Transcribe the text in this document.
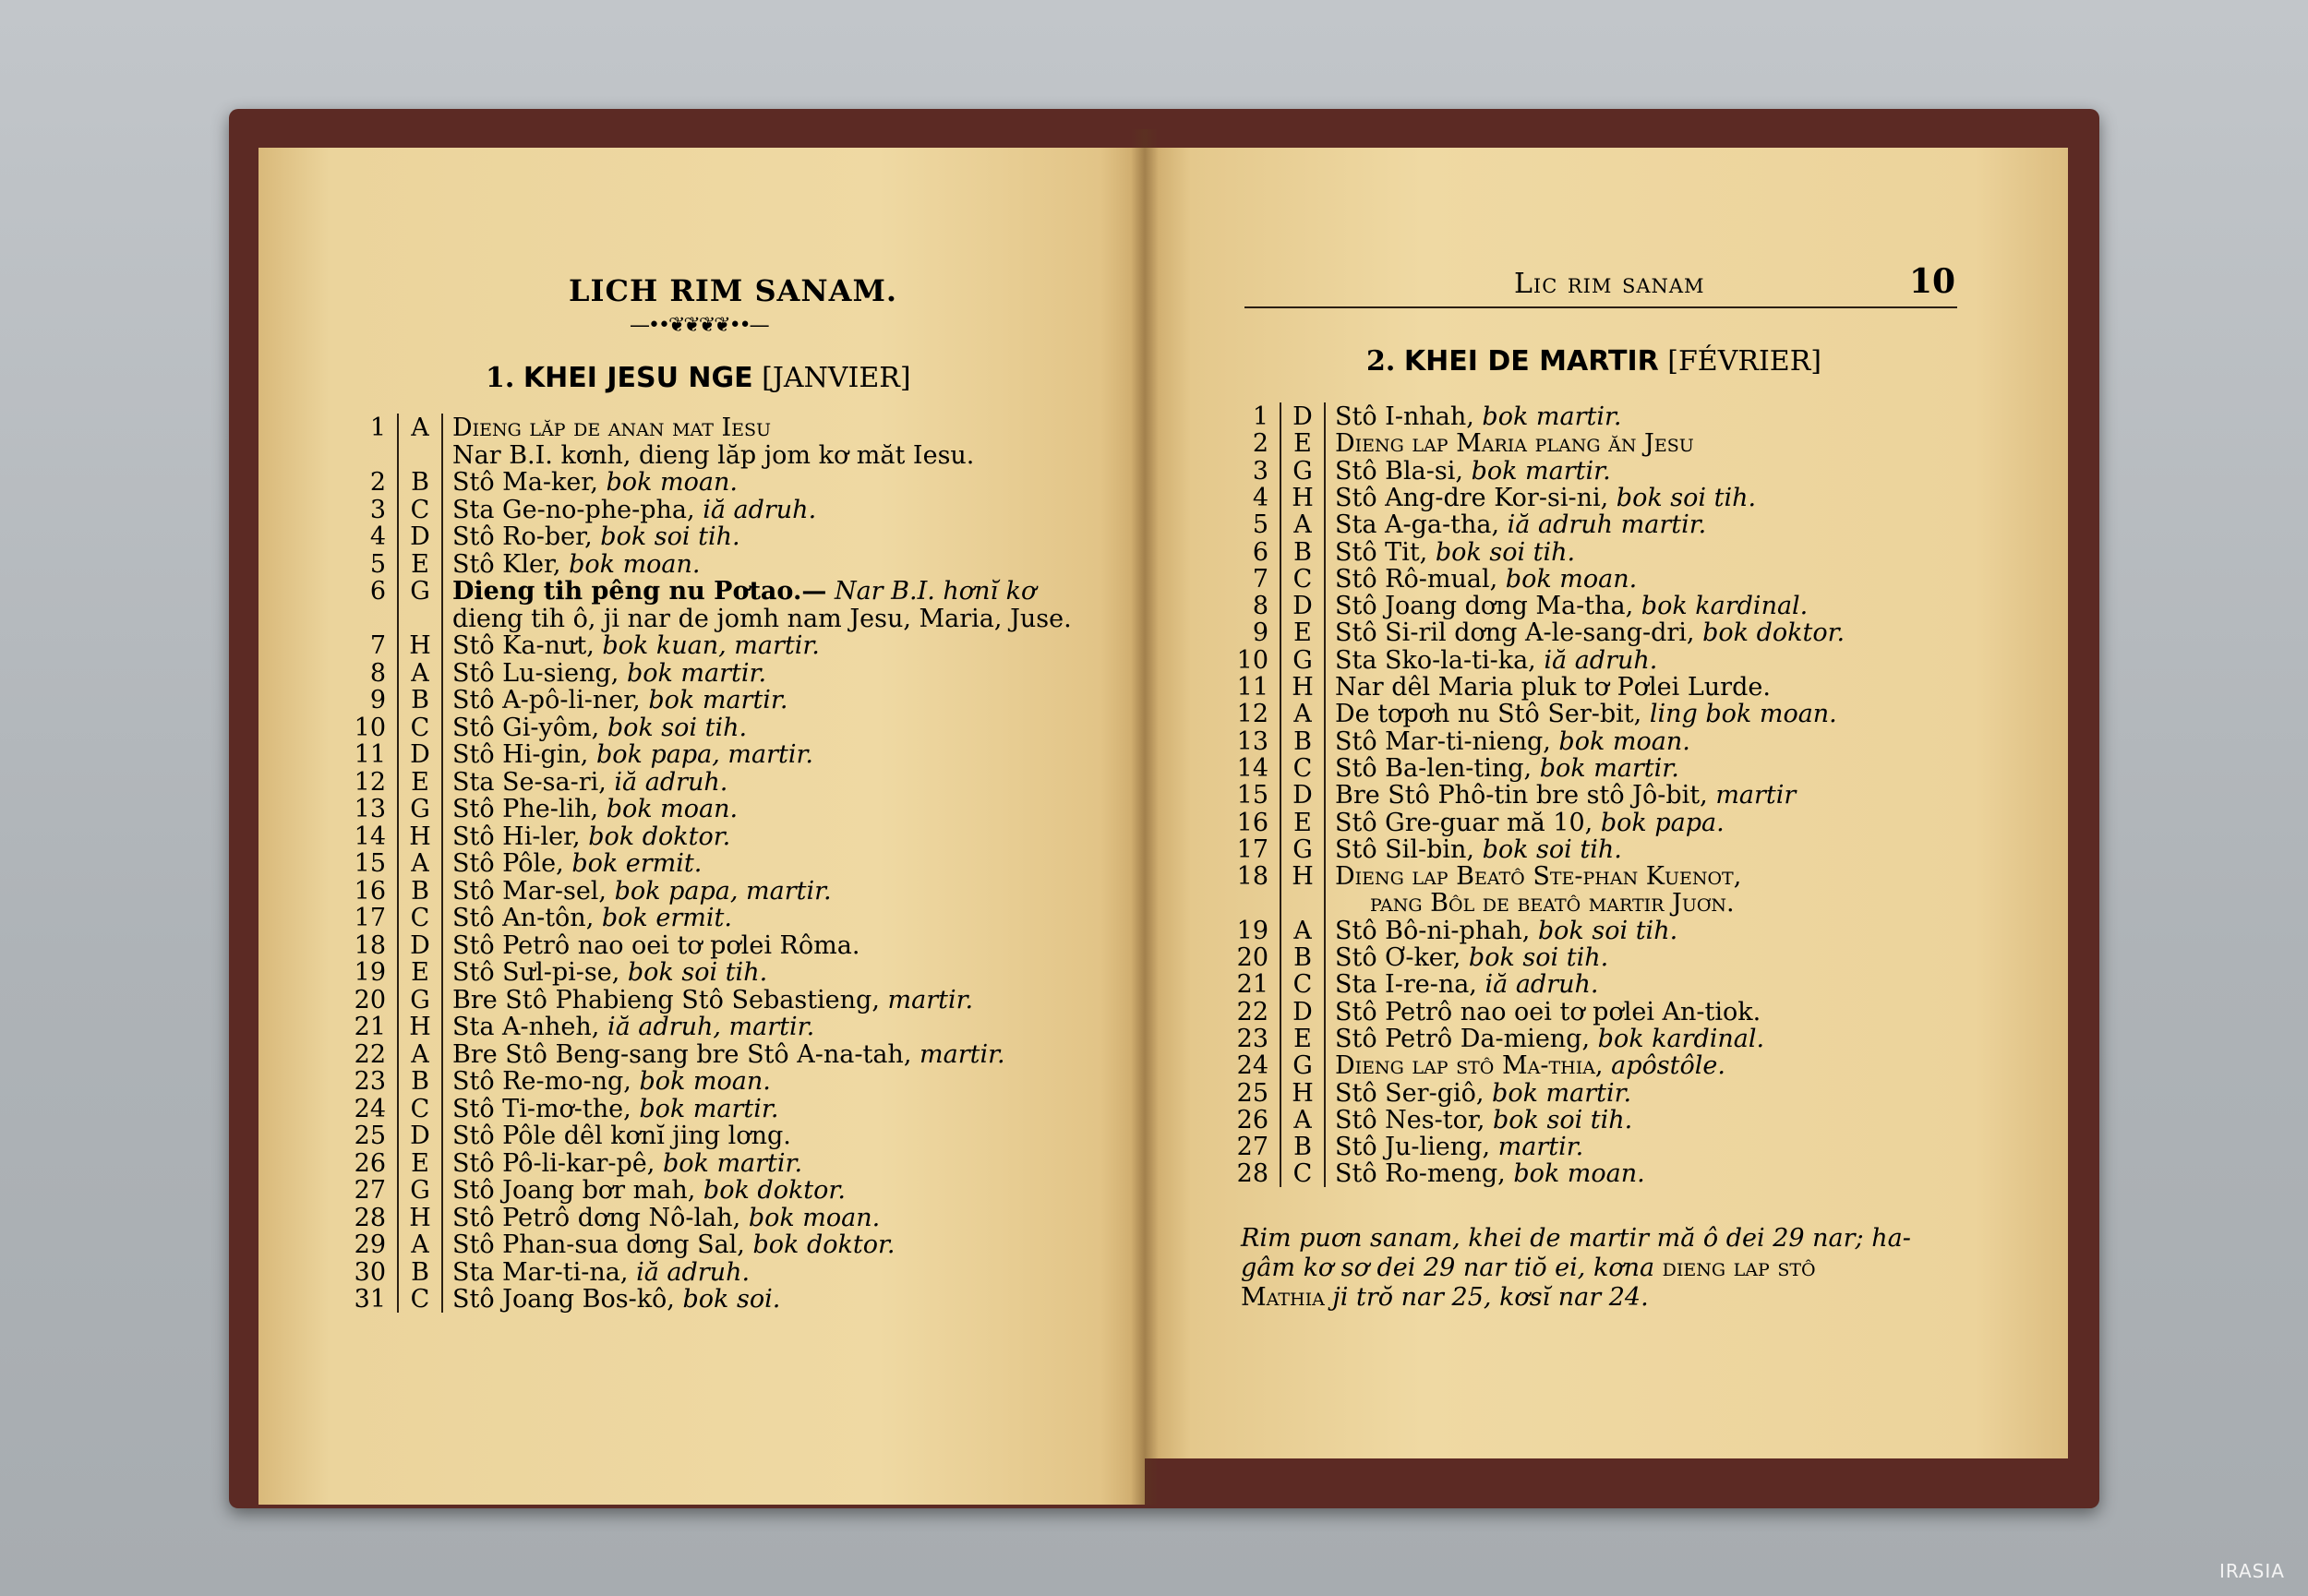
LICH RIM SANAM.
—••❦❦❦❦••—
1. KHEI JESU NGE [JANVIER]
1 A Dieng lăp de anan mat Iesu
Nar B.I. kơnh, dieng lăp jom kơ măt Iesu.
2 B Stô Ma-ker, bok moan.
3 C Sta Ge-no-phe-pha, iă adruh.
4 D Stô Ro-ber, bok soi tih.
5 E Stô Kler, bok moan.
6 G Dieng tih pêng nu Pơtao.— Nar B.I. hơnĭ kơ
dieng tih ô, ji nar de jomh nam Jesu, Maria, Juse.
7 H Stô Ka-nưt, bok kuan, martir.
8 A Stô Lu-sieng, bok martir.
9 B Stô A-pô-li-ner, bok martir.
10 C Stô Gi-yôm, bok soi tih.
11 D Stô Hi-gin, bok papa, martir.
12 E Sta Se-sa-ri, iă adruh.
13 G Stô Phe-lih, bok moan.
14 H Stô Hi-ler, bok doktor.
15 A Stô Pôle, bok ermit.
16 B Stô Mar-sel, bok papa, martir.
17 C Stô An-tôn, bok ermit.
18 D Stô Petrô nao oei tơ pơlei Rôma.
19 E Stô Sưl-pi-se, bok soi tih.
20 G Bre Stô Phabieng Stô Sebastieng, martir.
21 H Sta A-nheh, iă adruh, martir.
22 A Bre Stô Beng-sang bre Stô A-na-tah, martir.
23 B Stô Re-mo-ng, bok moan.
24 C Stô Ti-mơ-the, bok martir.
25 D Stô Pôle dêl kơnĭ jing lơng.
26 E Stô Pô-li-kar-pê, bok martir.
27 G Stô Joang bơr mah, bok doktor.
28 H Stô Petrô dơng Nô-lah, bok moan.
29 A Stô Phan-sua dơng Sal, bok doktor.
30 B Sta Mar-ti-na, iă adruh.
31 C Stô Joang Bos-kô, bok soi.
Lic rim sanam	10
2. KHEI DE MARTIR [FÉVRIER]
1 D Stô I-nhah, bok martir.
2 E Dieng lap Maria plang ăn Jesu
3 G Stô Bla-si, bok martir.
4 H Stô Ang-dre Kor-si-ni, bok soi tih.
5 A Sta A-ga-tha, iă adruh martir.
6 B Stô Tit, bok soi tih.
7 C Stô Rô-mual, bok moan.
8 D Stô Joang dơng Ma-tha, bok kardinal.
9 E Stô Si-ril dơng A-le-sang-dri, bok doktor.
10 G Sta Sko-la-ti-ka, iă adruh.
11 H Nar dêl Maria pluk tơ Pơlei Lurde.
12 A De tơpơh nu Stô Ser-bit, ling bok moan.
13 B Stô Mar-ti-nieng, bok moan.
14 C Stô Ba-len-ting, bok martir.
15 D Bre Stô Phô-tin bre stô Jô-bit, martir
16 E Stô Gre-guar mă 10, bok papa.
17 G Stô Sil-bin, bok soi tih.
18 H Dieng lap Beatô Ste-phan Kuenot,
pang Bôl de beatô martir Juơn.
19 A Stô Bô-ni-phah, bok soi tih.
20 B Stô Ơ-ker, bok soi tih.
21 C Sta I-re-na, iă adruh.
22 D Stô Petrô nao oei tơ pơlei An-tiok.
23 E Stô Petrô Da-mieng, bok kardinal.
24 G Dieng lap stô Ma-thia, apôstôle.
25 H Stô Ser-giô, bok martir.
26 A Stô Nes-tor, bok soi tih.
27 B Stô Ju-lieng, martir.
28 C Stô Ro-meng, bok moan.
Rim puơn sanam, khei de martir mă ô dei 29 nar; ha-
gâm kơ sơ dei 29 nar tiŏ ei, kơna dieng lap stô
Mathia ji trŏ nar 25, kơsĭ nar 24.
IRASIA
